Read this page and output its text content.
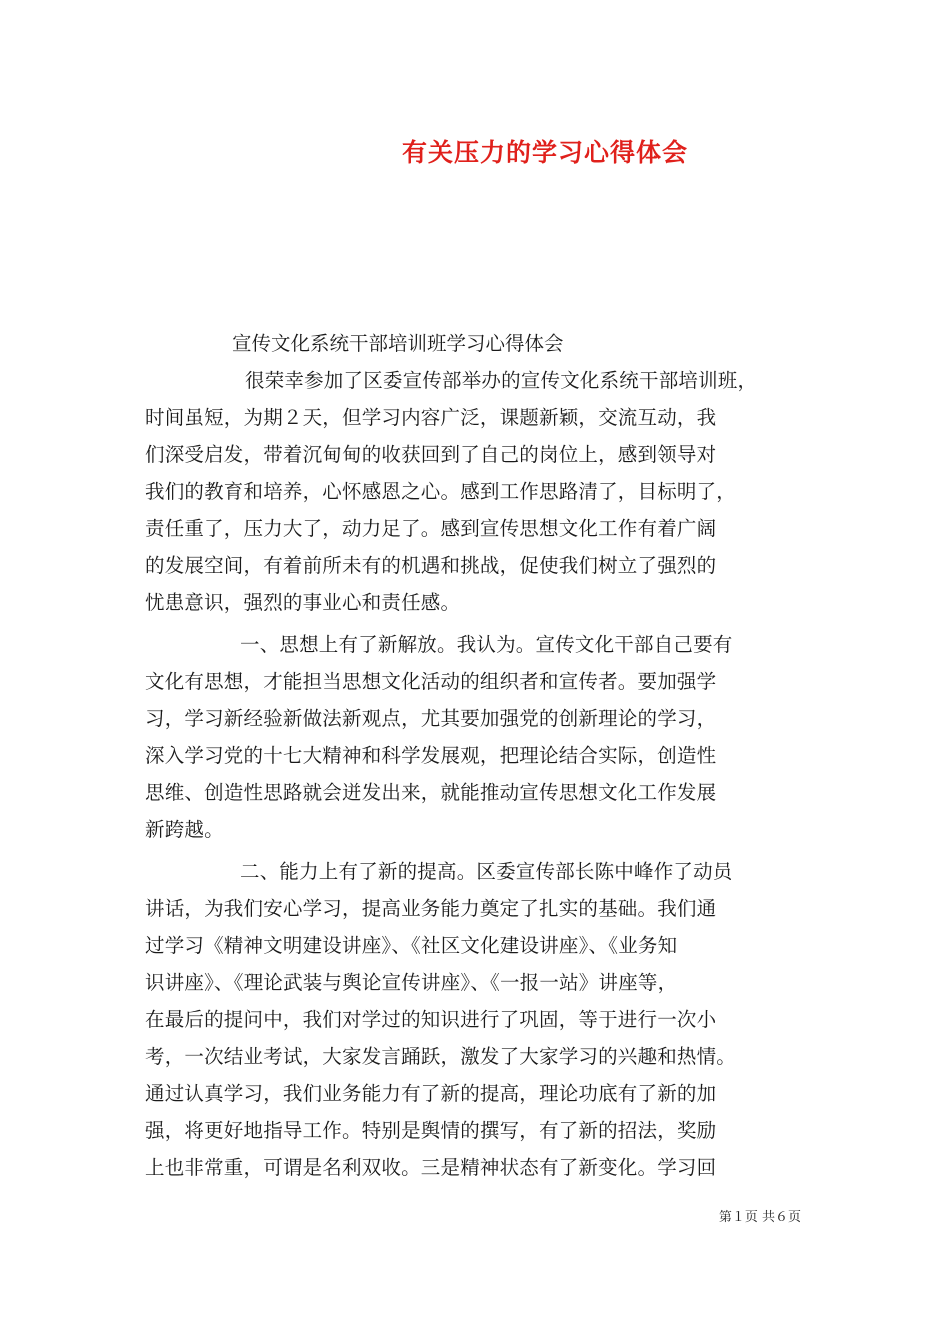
有关压力的学习心得体会
宣传文化系统干部培训班学习心得体会
很荣幸参加了区委宣传部举办的宣传文化系统干部培训班，
时间虽短，为期２天，但学习内容广泛，课题新颖，交流互动，我
们深受启发，带着沉甸甸的收获回到了自己的岗位上，感到领导对
我们的教育和培养，心怀感恩之心。感到工作思路清了，目标明了，
责任重了，压力大了，动力足了。感到宣传思想文化工作有着广阔
的发展空间，有着前所未有的机遇和挑战，促使我们树立了强烈的
忧患意识，强烈的事业心和责任感。
一、思想上有了新解放。我认为。宣传文化干部自己要有
文化有思想，才能担当思想文化活动的组织者和宣传者。要加强学
习，学习新经验新做法新观点，尤其要加强党的创新理论的学习，
深入学习党的十七大精神和科学发展观，把理论结合实际，创造性
思维、创造性思路就会迸发出来，就能推动宣传思想文化工作发展
新跨越。
二、能力上有了新的提高。区委宣传部长陈中峰作了动员
讲话，为我们安心学习，提高业务能力奠定了扎实的基础。我们通
过学习《精神文明建设讲座》、《社区文化建设讲座》、《业务知
识讲座》、《理论武装与舆论宣传讲座》、《一报一站》讲座等，
在最后的提问中，我们对学过的知识进行了巩固，等于进行一次小
考，一次结业考试，大家发言踊跃，激发了大家学习的兴趣和热情。
通过认真学习，我们业务能力有了新的提高，理论功底有了新的加
强，将更好地指导工作。特别是舆情的撰写，有了新的招法，奖励
上也非常重，可谓是名利双收。三是精神状态有了新变化。学习回
第１页 共６页
